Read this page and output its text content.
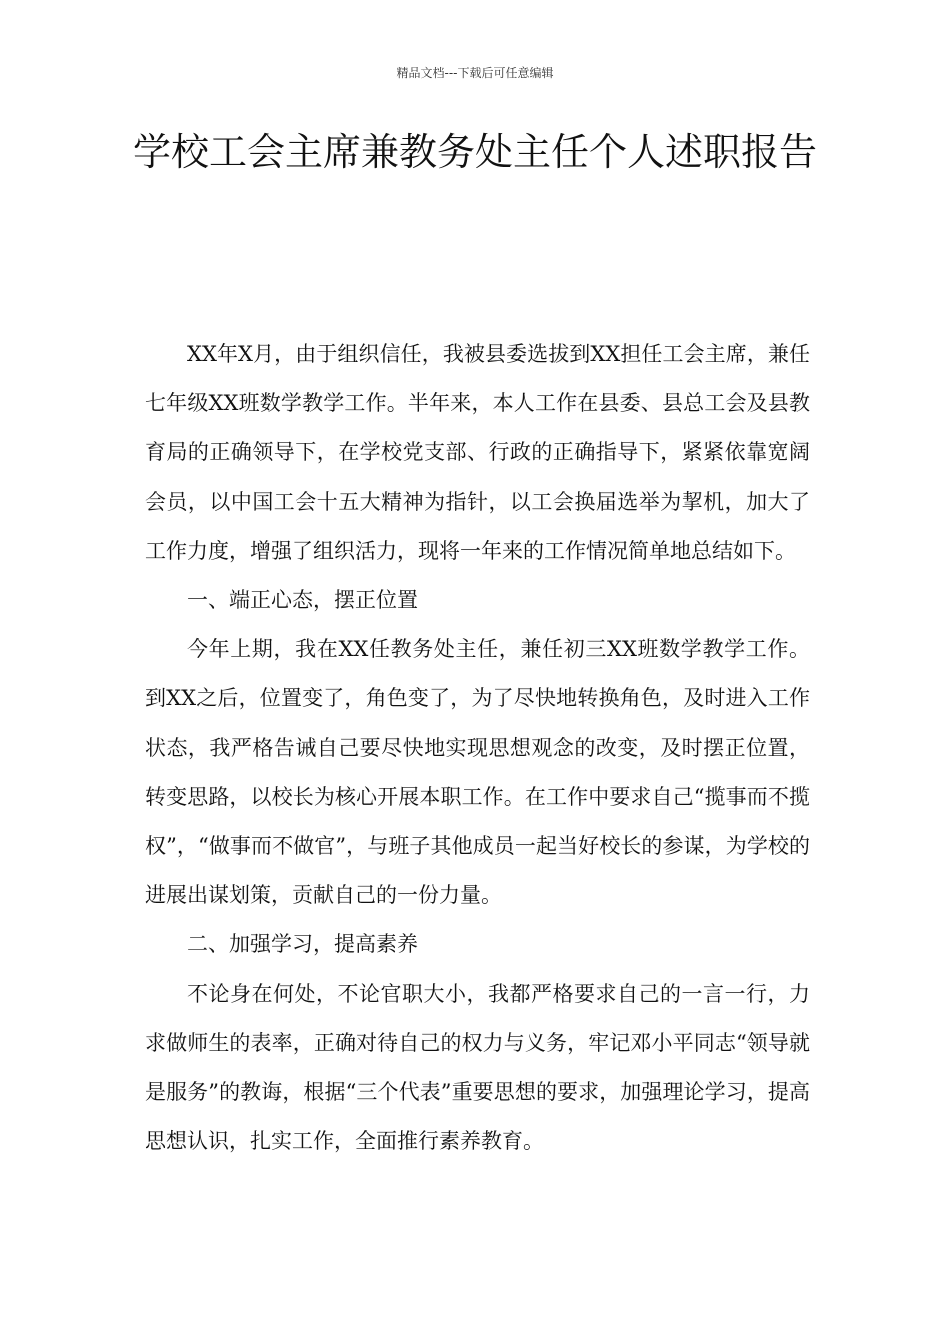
精品文档---下载后可任意编辑
学校工会主席兼教务处主任个人述职报告

XX年X月，由于组织信任，我被县委选拔到XX担任工会主席，兼任七年级XX班数学教学工作。半年来，本人工作在县委、县总工会及县教育局的正确领导下，在学校党支部、行政的正确指导下，紧紧依靠宽阔会员，以中国工会十五大精神为指针，以工会换届选举为挈机，加大了工作力度，增强了组织活力，现将一年来的工作情况简单地总结如下。

一、端正心态，摆正位置

今年上期，我在XX任教务处主任，兼任初三XX班数学教学工作。到XX之后，位置变了，角色变了，为了尽快地转换角色，及时进入工作状态，我严格告诫自己要尽快地实现思想观念的改变，及时摆正位置，转变思路，以校长为核心开展本职工作。在工作中要求自己“揽事而不揽权”，“做事而不做官”，与班子其他成员一起当好校长的参谋，为学校的进展出谋划策，贡献自己的一份力量。

二、加强学习，提高素养

不论身在何处，不论官职大小，我都严格要求自己的一言一行，力求做师生的表率，正确对待自己的权力与义务，牢记邓小平同志“领导就是服务”的教诲，根据“三个代表”重要思想的要求，加强理论学习，提高思想认识，扎实工作，全面推行素养教育。
